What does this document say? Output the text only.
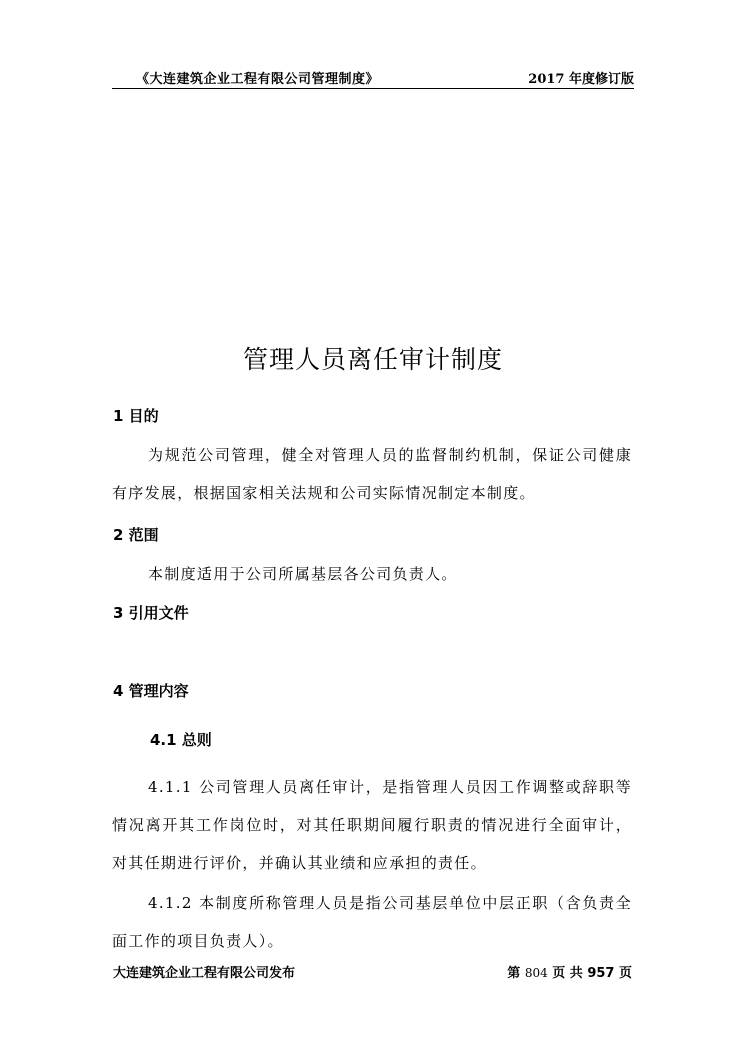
《大连建筑企业工程有限公司管理制度》	2017 年度修订版
管理人员离任审计制度
1 目的
为规范公司管理，健全对管理人员的监督制约机制，保证公司健康有序发展，根据国家相关法规和公司实际情况制定本制度。
2 范围
本制度适用于公司所属基层各公司负责人。
3 引用文件
4 管理内容
4.1 总则
4.1.1 公司管理人员离任审计，是指管理人员因工作调整或辞职等情况离开其工作岗位时，对其任职期间履行职责的情况进行全面审计，对其任期进行评价，并确认其业绩和应承担的责任。
4.1.2 本制度所称管理人员是指公司基层单位中层正职（含负责全面工作的项目负责人）。
大连建筑企业工程有限公司发布	第 804 页 共 957 页
